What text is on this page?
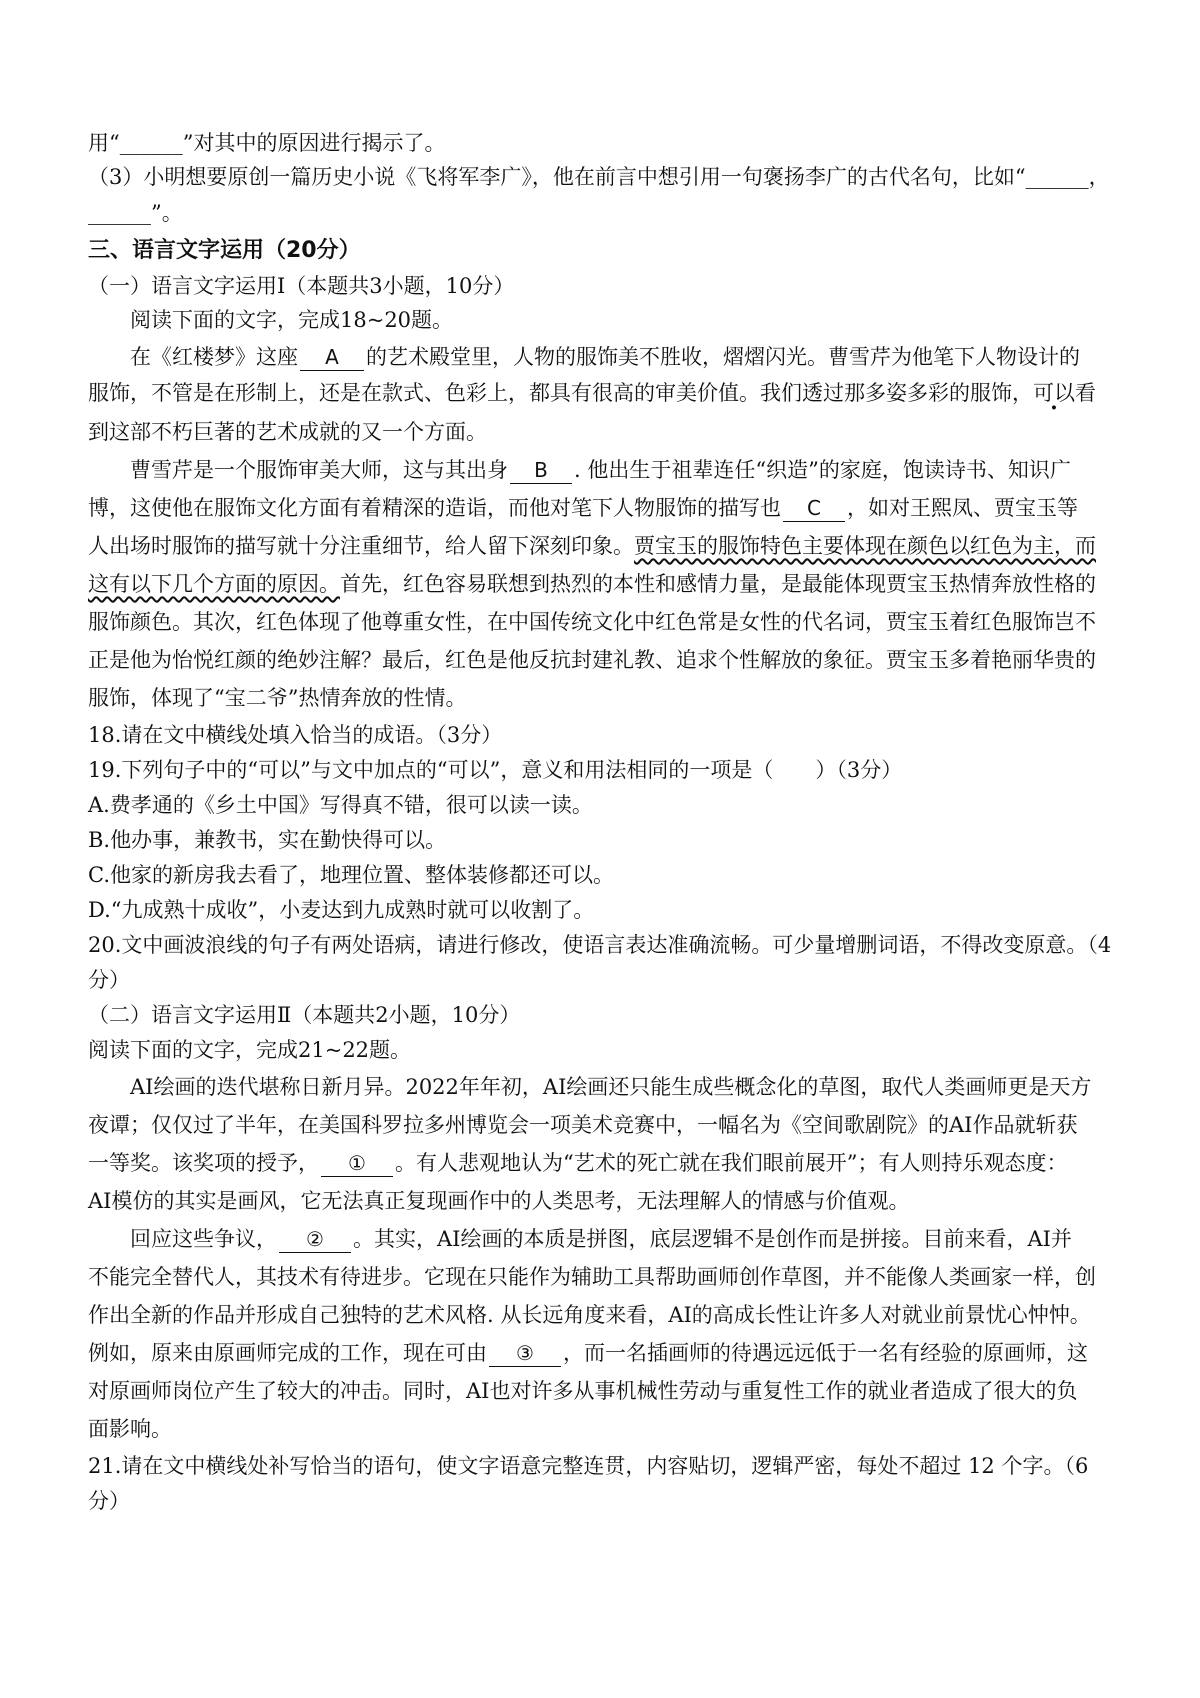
用“______”对其中的原因进行揭示了。
（3）小明想要原创一篇历史小说《飞将军李广》，他在前言中想引用一句褒扬李广的古代名句，比如“______，
______”。
三、语言文字运用（20分）
（一）语言文字运用Ⅰ（本题共3小题，10分）
阅读下面的文字，完成18~20题。
在《红楼梦》这座 A 的艺术殿堂里，人物的服饰美不胜收，熠熠闪光。曹雪芹为他笔下人物设计的
服饰，不管是在形制上，还是在款式、色彩上，都具有很高的审美价值。我们透过那多姿多彩的服饰，可以看
到这部不朽巨著的艺术成就的又一个方面。
曹雪芹是一个服饰审美大师，这与其出身 B . 他出生于祖辈连任“织造”的家庭，饱读诗书、知识广
博，这使他在服饰文化方面有着精深的造诣，而他对笔下人物服饰的描写也 C ，如对王熙凤、贾宝玉等
人出场时服饰的描写就十分注重细节，给人留下深刻印象。贾宝玉的服饰特色主要体现在颜色以红色为主，而
这有以下几个方面的原因。首先，红色容易联想到热烈的本性和感情力量，是最能体现贾宝玉热情奔放性格的
服饰颜色。其次，红色体现了他尊重女性，在中国传统文化中红色常是女性的代名词，贾宝玉着红色服饰岂不
正是他为怡悦红颜的绝妙注解？最后，红色是他反抗封建礼教、追求个性解放的象征。贾宝玉多着艳丽华贵的
服饰，体现了“宝二爷”热情奔放的性情。
18.请在文中横线处填入恰当的成语。（3分）
19.下列句子中的“可以”与文中加点的“可以”，意义和用法相同的一项是（　　）（3分）
A.费孝通的《乡土中国》写得真不错，很可以读一读。
B.他办事，兼教书，实在勤快得可以。
C.他家的新房我去看了，地理位置、整体装修都还可以。
D.“九成熟十成收”，小麦达到九成熟时就可以收割了。
20.文中画波浪线的句子有两处语病，请进行修改，使语言表达准确流畅。可少量增删词语，不得改变原意。（4
分）
（二）语言文字运用Ⅱ（本题共2小题，10分）
阅读下面的文字，完成21~22题。
AI绘画的迭代堪称日新月异。2022年年初，AI绘画还只能生成些概念化的草图，取代人类画师更是天方
夜谭；仅仅过了半年，在美国科罗拉多州博览会一项美术竞赛中，一幅名为《空间歌剧院》的AI作品就斩获
一等奖。该奖项的授予， ① 。有人悲观地认为“艺术的死亡就在我们眼前展开”；有人则持乐观态度：
AI模仿的其实是画风，它无法真正复现画作中的人类思考，无法理解人的情感与价值观。
回应这些争议， ② 。其实，AI绘画的本质是拼图，底层逻辑不是创作而是拼接。目前来看，AI并
不能完全替代人，其技术有待进步。它现在只能作为辅助工具帮助画师创作草图，并不能像人类画家一样，创
作出全新的作品并形成自己独特的艺术风格. 从长远角度来看，AI的高成长性让许多人对就业前景忧心忡忡。
例如，原来由原画师完成的工作，现在可由 ③ ，而一名插画师的待遇远远低于一名有经验的原画师，这
对原画师岗位产生了较大的冲击。同时，AI也对许多从事机械性劳动与重复性工作的就业者造成了很大的负
面影响。
21.请在文中横线处补写恰当的语句，使文字语意完整连贯，内容贴切，逻辑严密，每处不超过 12 个字。（6
分）
